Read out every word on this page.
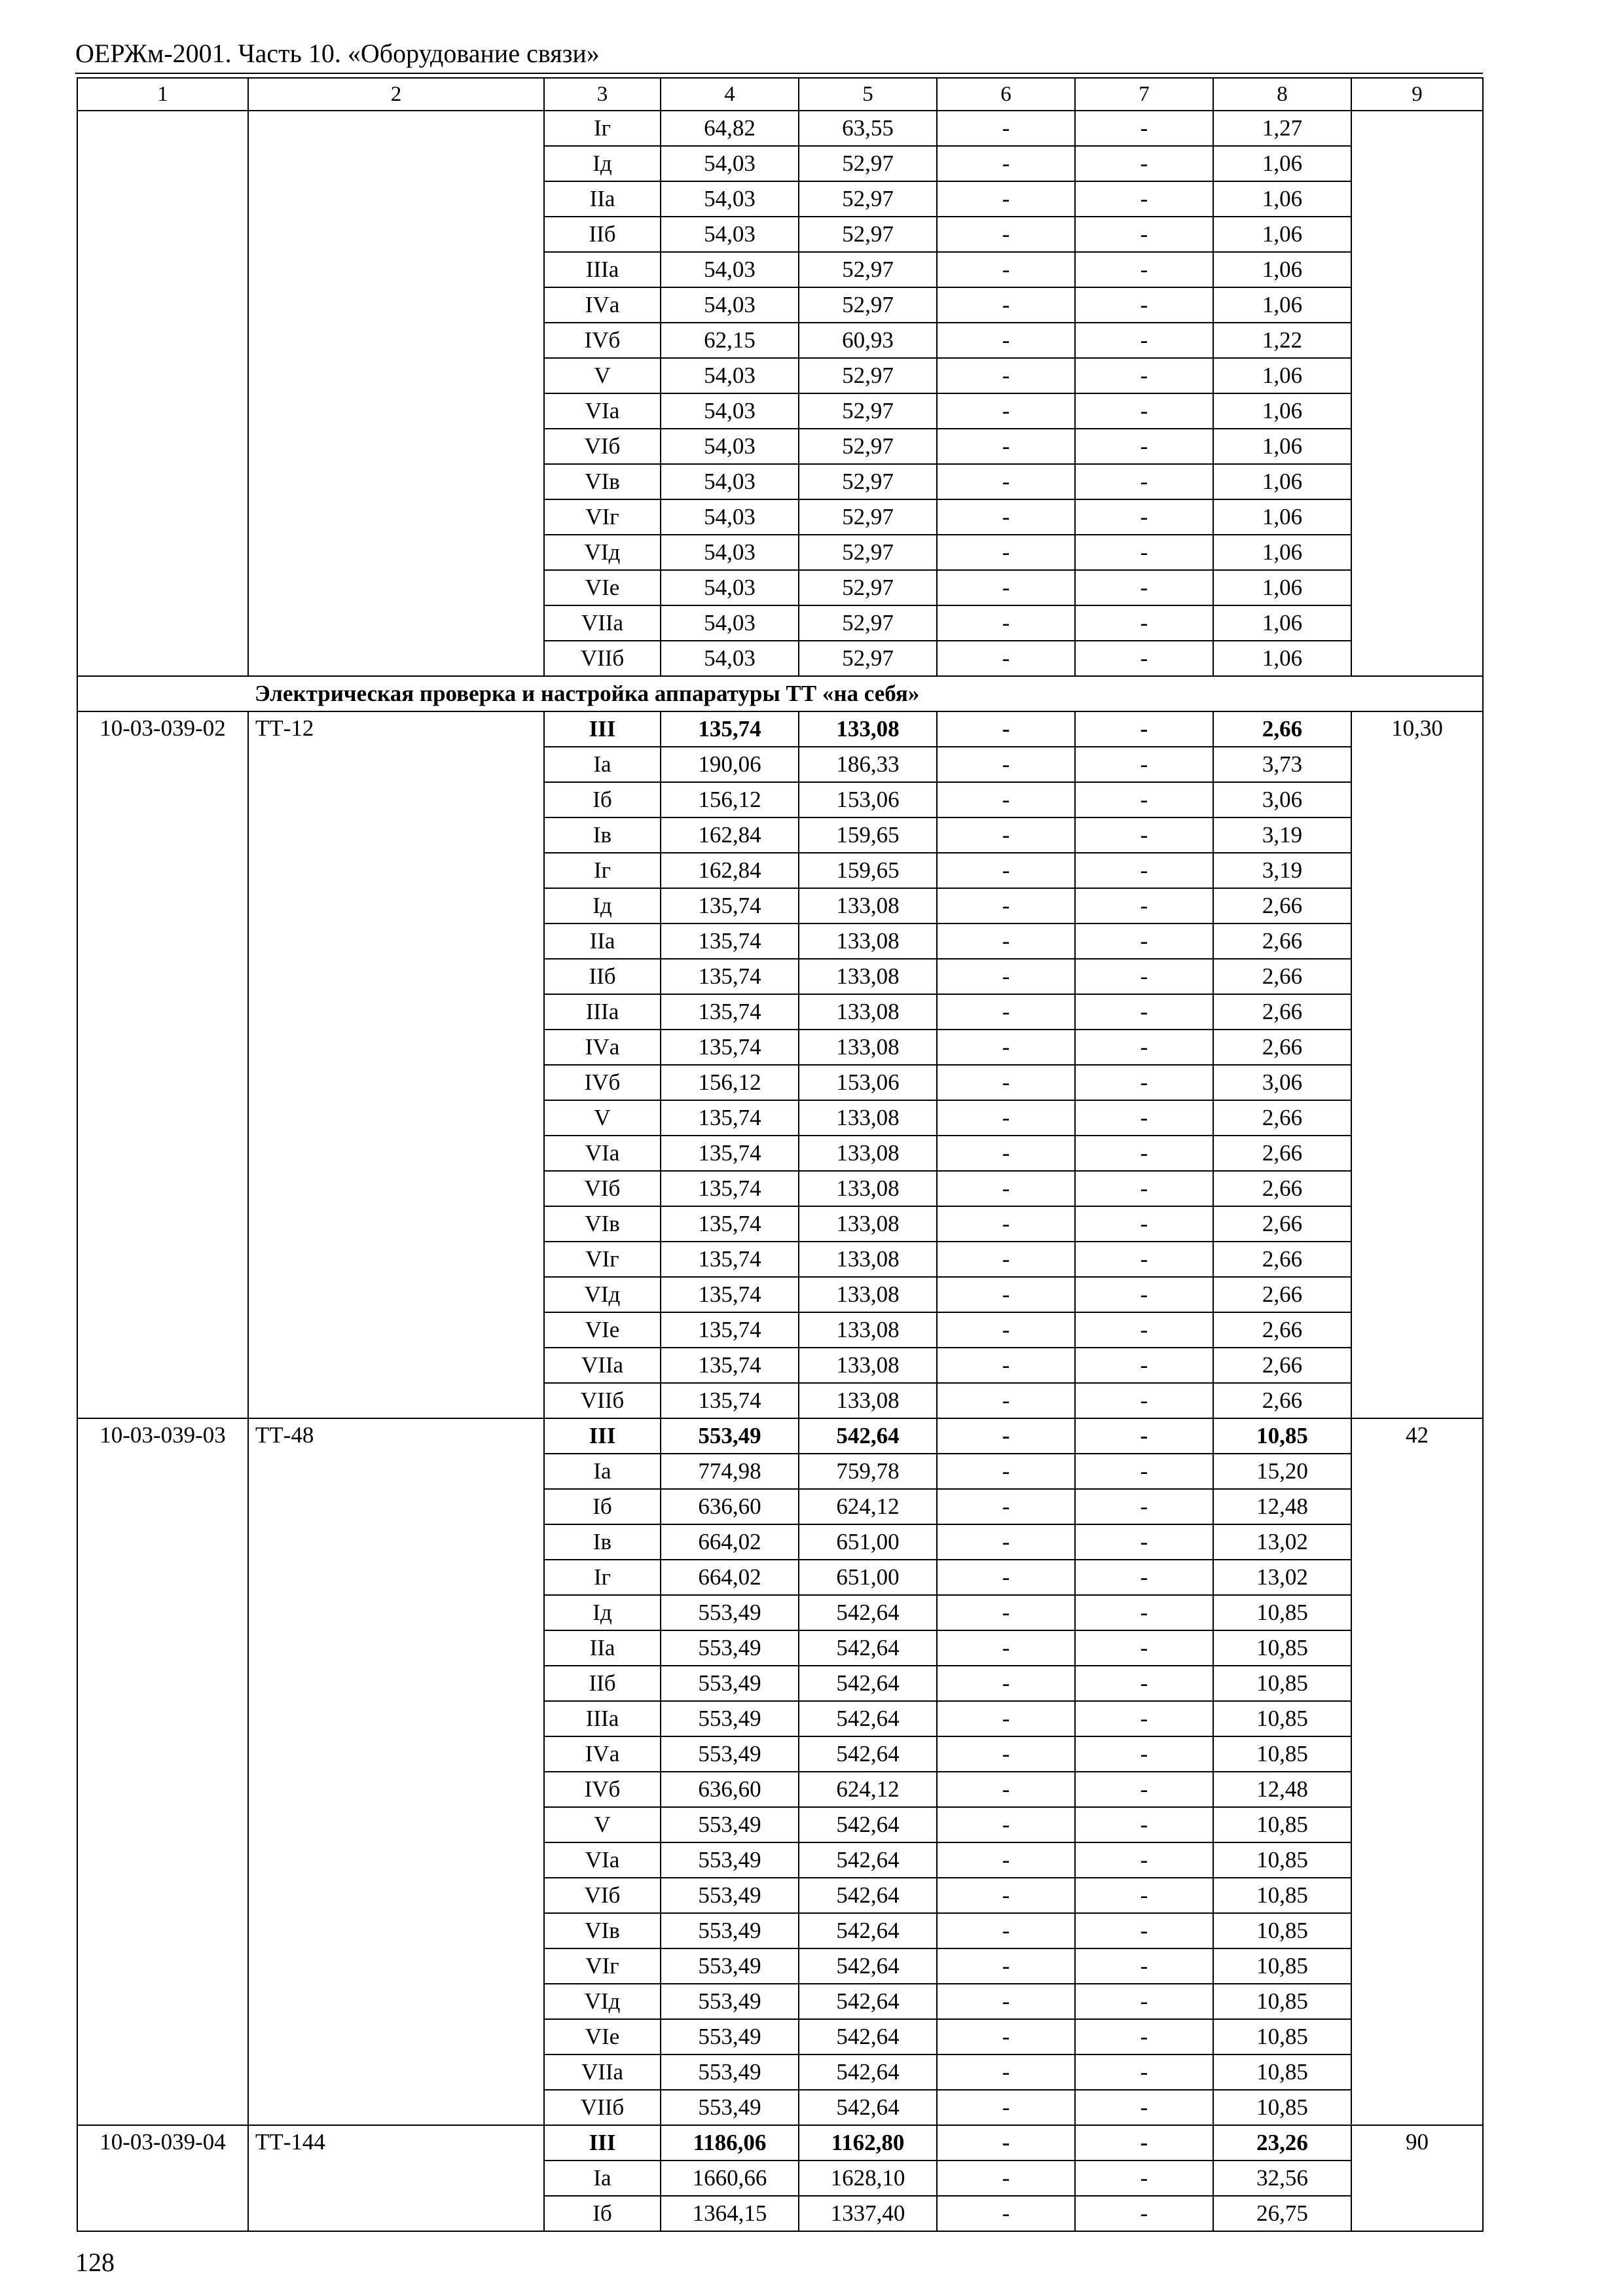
ОЕРЖм-2001. Часть 10. «Оборудование связи»
1	2	3	4	5	6	7	8	9
		Iг	64,82	63,55	-	-	1,27	
		Iд	54,03	52,97	-	-	1,06	
		IIа	54,03	52,97	-	-	1,06	
		IIб	54,03	52,97	-	-	1,06	
		IIIа	54,03	52,97	-	-	1,06	
		IVа	54,03	52,97	-	-	1,06	
		IVб	62,15	60,93	-	-	1,22	
		V	54,03	52,97	-	-	1,06	
		VIа	54,03	52,97	-	-	1,06	
		VIб	54,03	52,97	-	-	1,06	
		VIв	54,03	52,97	-	-	1,06	
		VIг	54,03	52,97	-	-	1,06	
		VIд	54,03	52,97	-	-	1,06	
		VIе	54,03	52,97	-	-	1,06	
		VIIа	54,03	52,97	-	-	1,06	
		VIIб	54,03	52,97	-	-	1,06	
Электрическая проверка и настройка аппаратуры ТТ «на себя»								
10-03-039-02	ТТ-12	III	135,74	133,08	-	-	2,66	10,30
		Iа	190,06	186,33	-	-	3,73	
		Iб	156,12	153,06	-	-	3,06	
		Iв	162,84	159,65	-	-	3,19	
		Iг	162,84	159,65	-	-	3,19	
		Iд	135,74	133,08	-	-	2,66	
		IIа	135,74	133,08	-	-	2,66	
		IIб	135,74	133,08	-	-	2,66	
		IIIа	135,74	133,08	-	-	2,66	
		IVа	135,74	133,08	-	-	2,66	
		IVб	156,12	153,06	-	-	3,06	
		V	135,74	133,08	-	-	2,66	
		VIа	135,74	133,08	-	-	2,66	
		VIб	135,74	133,08	-	-	2,66	
		VIв	135,74	133,08	-	-	2,66	
		VIг	135,74	133,08	-	-	2,66	
		VIд	135,74	133,08	-	-	2,66	
		VIе	135,74	133,08	-	-	2,66	
		VIIа	135,74	133,08	-	-	2,66	
		VIIб	135,74	133,08	-	-	2,66	
10-03-039-03	ТТ-48	III	553,49	542,64	-	-	10,85	42
		Iа	774,98	759,78	-	-	15,20	
		Iб	636,60	624,12	-	-	12,48	
		Iв	664,02	651,00	-	-	13,02	
		Iг	664,02	651,00	-	-	13,02	
		Iд	553,49	542,64	-	-	10,85	
		IIа	553,49	542,64	-	-	10,85	
		IIб	553,49	542,64	-	-	10,85	
		IIIа	553,49	542,64	-	-	10,85	
		IVа	553,49	542,64	-	-	10,85	
		IVб	636,60	624,12	-	-	12,48	
		V	553,49	542,64	-	-	10,85	
		VIа	553,49	542,64	-	-	10,85	
		VIб	553,49	542,64	-	-	10,85	
		VIв	553,49	542,64	-	-	10,85	
		VIг	553,49	542,64	-	-	10,85	
		VIд	553,49	542,64	-	-	10,85	
		VIе	553,49	542,64	-	-	10,85	
		VIIа	553,49	542,64	-	-	10,85	
		VIIб	553,49	542,64	-	-	10,85	
10-03-039-04	ТТ-144	III	1186,06	1162,80	-	-	23,26	90
		Iа	1660,66	1628,10	-	-	32,56	
		Iб	1364,15	1337,40	-	-	26,75	
128
